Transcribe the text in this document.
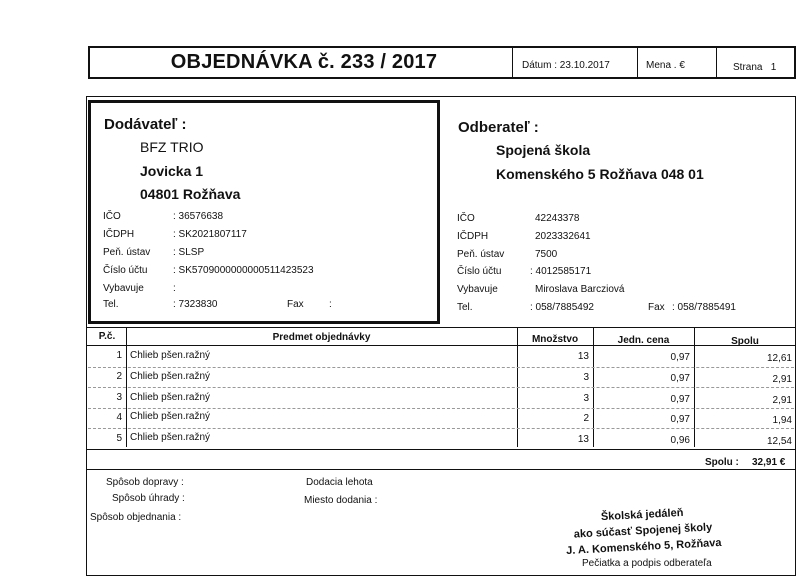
OBJEDNÁVKA č. 233 / 2017	Dátum : 23.10.2017	Mena . €	Strana   1
Dodávateľ :
BFZ TRIO
Jovicka 1
04801 Rožňava
IČO	: 36576638
IČDPH	: SK2021807117
Peň. ústav : SLSP
Číslo účtu	: SK5709000000000511423523
Vybavuje	:
Tel.	: 7323830	Fax	:
Odberateľ :
Spojená škola
Komenského 5 Rožňava 048 01
IČO	42243378
IČDPH	2023332641
Peň. ústav	7500
Číslo účtu	: 4012585171
Vybavuje	Miroslava Barcziová
Tel.	: 058/7885492	Fax : 058/7885491
P.č.	Predmet objednávky	Množstvo	Jedn. cena	Spolu
1 Chlieb pšen.ražný	13	0,97	12,61
2 Chlieb pšen.ražný	3	0,97	2,91
3 Chlieb pšen.ražný	3	0,97	2,91
4 Chlieb pšen.ražný	2	0,97	1,94
5 Chlieb pšen.ražný	13	0,96	12,54
Spolu : 32,91 €
Spôsob dopravy :
Spôsob úhrady :
Spôsob objednania :
Dodacia lehota
Miesto dodania :
Školská jedáleň
ako súčasť Spojenej školy
J. A. Komenského 5, Rožňava
Pečiatka a podpis odberateľa
